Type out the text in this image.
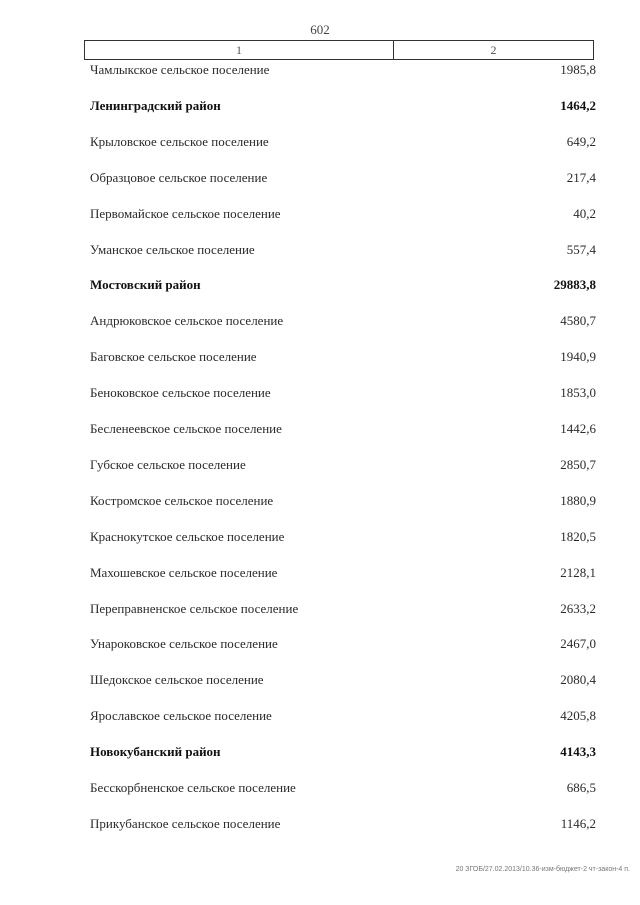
602
1	2
Чамлыкское сельское поселение	1985,8
Ленинградский район	1464,2
Крыловское сельское поселение	649,2
Образцовое сельское поселение	217,4
Первомайское сельское поселение	40,2
Уманское сельское поселение	557,4
Мостовский район	29883,8
Андрюковское сельское поселение	4580,7
Баговское сельское поселение	1940,9
Беноковское сельское поселение	1853,0
Бесленеевское сельское поселение	1442,6
Губское сельское поселение	2850,7
Костромское сельское поселение	1880,9
Краснокутское сельское поселение	1820,5
Махошевское сельское поселение	2128,1
Переправненское сельское поселение	2633,2
Унароковское сельское поселение	2467,0
Шедокское сельское поселение	2080,4
Ярославское сельское поселение	4205,8
Новокубанский район	4143,3
Бесскорбненское сельское поселение	686,5
Прикубанское сельское поселение	1146,2
20 ЗГОБ/27.02.2013/10.36-изм-бюджет-2 чт-закон-4 п.
